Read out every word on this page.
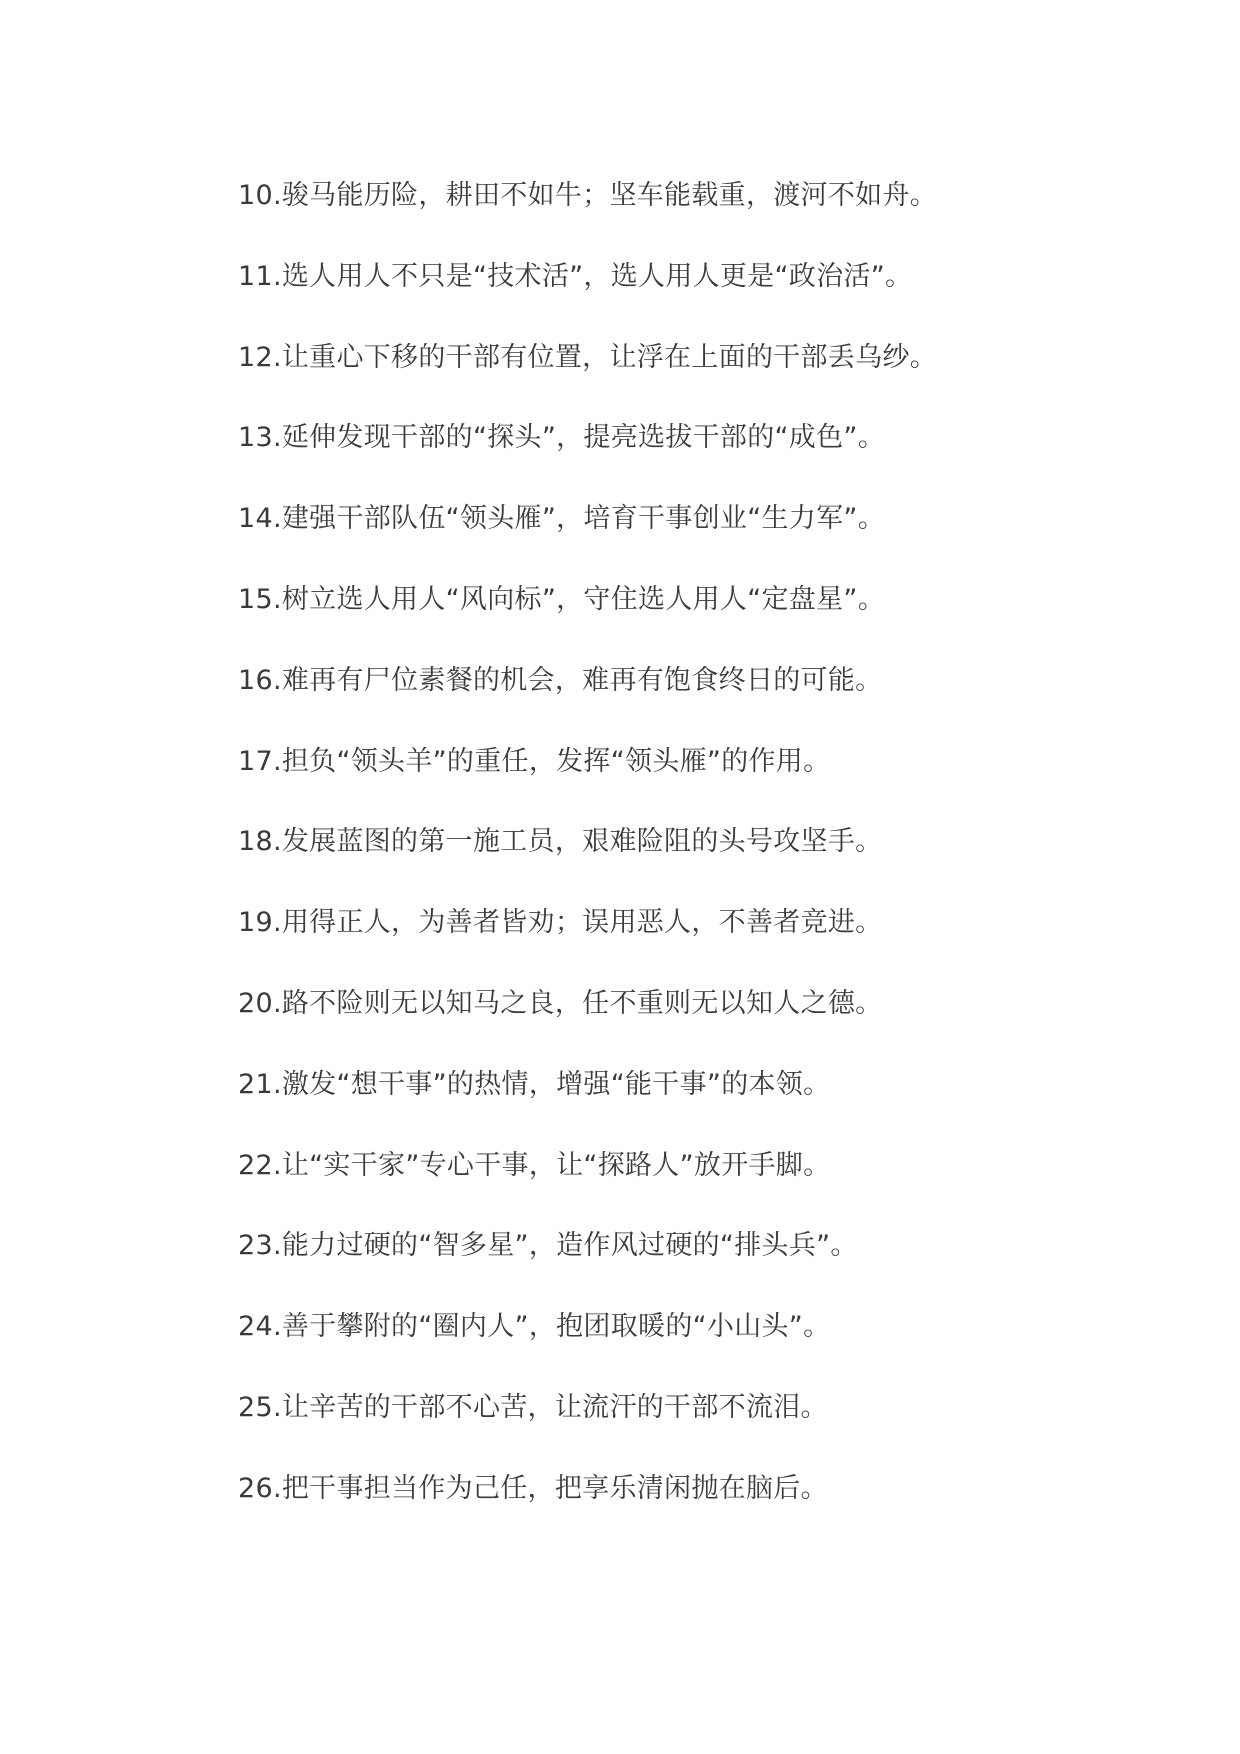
10.骏马能历险，耕田不如牛；坚车能载重，渡河不如舟。
11.选人用人不只是“技术活”，选人用人更是“政治活”。
12.让重心下移的干部有位置，让浮在上面的干部丢乌纱。
13.延伸发现干部的“探头”，提亮选拔干部的“成色”。
14.建强干部队伍“领头雁”，培育干事创业“生力军”。
15.树立选人用人“风向标”，守住选人用人“定盘星”。
16.难再有尸位素餐的机会，难再有饱食终日的可能。
17.担负“领头羊”的重任，发挥“领头雁”的作用。
18.发展蓝图的第一施工员，艰难险阻的头号攻坚手。
19.用得正人，为善者皆劝；误用恶人，不善者竞进。
20.路不险则无以知马之良，任不重则无以知人之德。
21.激发“想干事”的热情，增强“能干事”的本领。
22.让“实干家”专心干事，让“探路人”放开手脚。
23.能力过硬的“智多星”，造作风过硬的“排头兵”。
24.善于攀附的“圈内人”，抱团取暖的“小山头”。
25.让辛苦的干部不心苦，让流汗的干部不流泪。
26.把干事担当作为己任，把享乐清闲抛在脑后。
